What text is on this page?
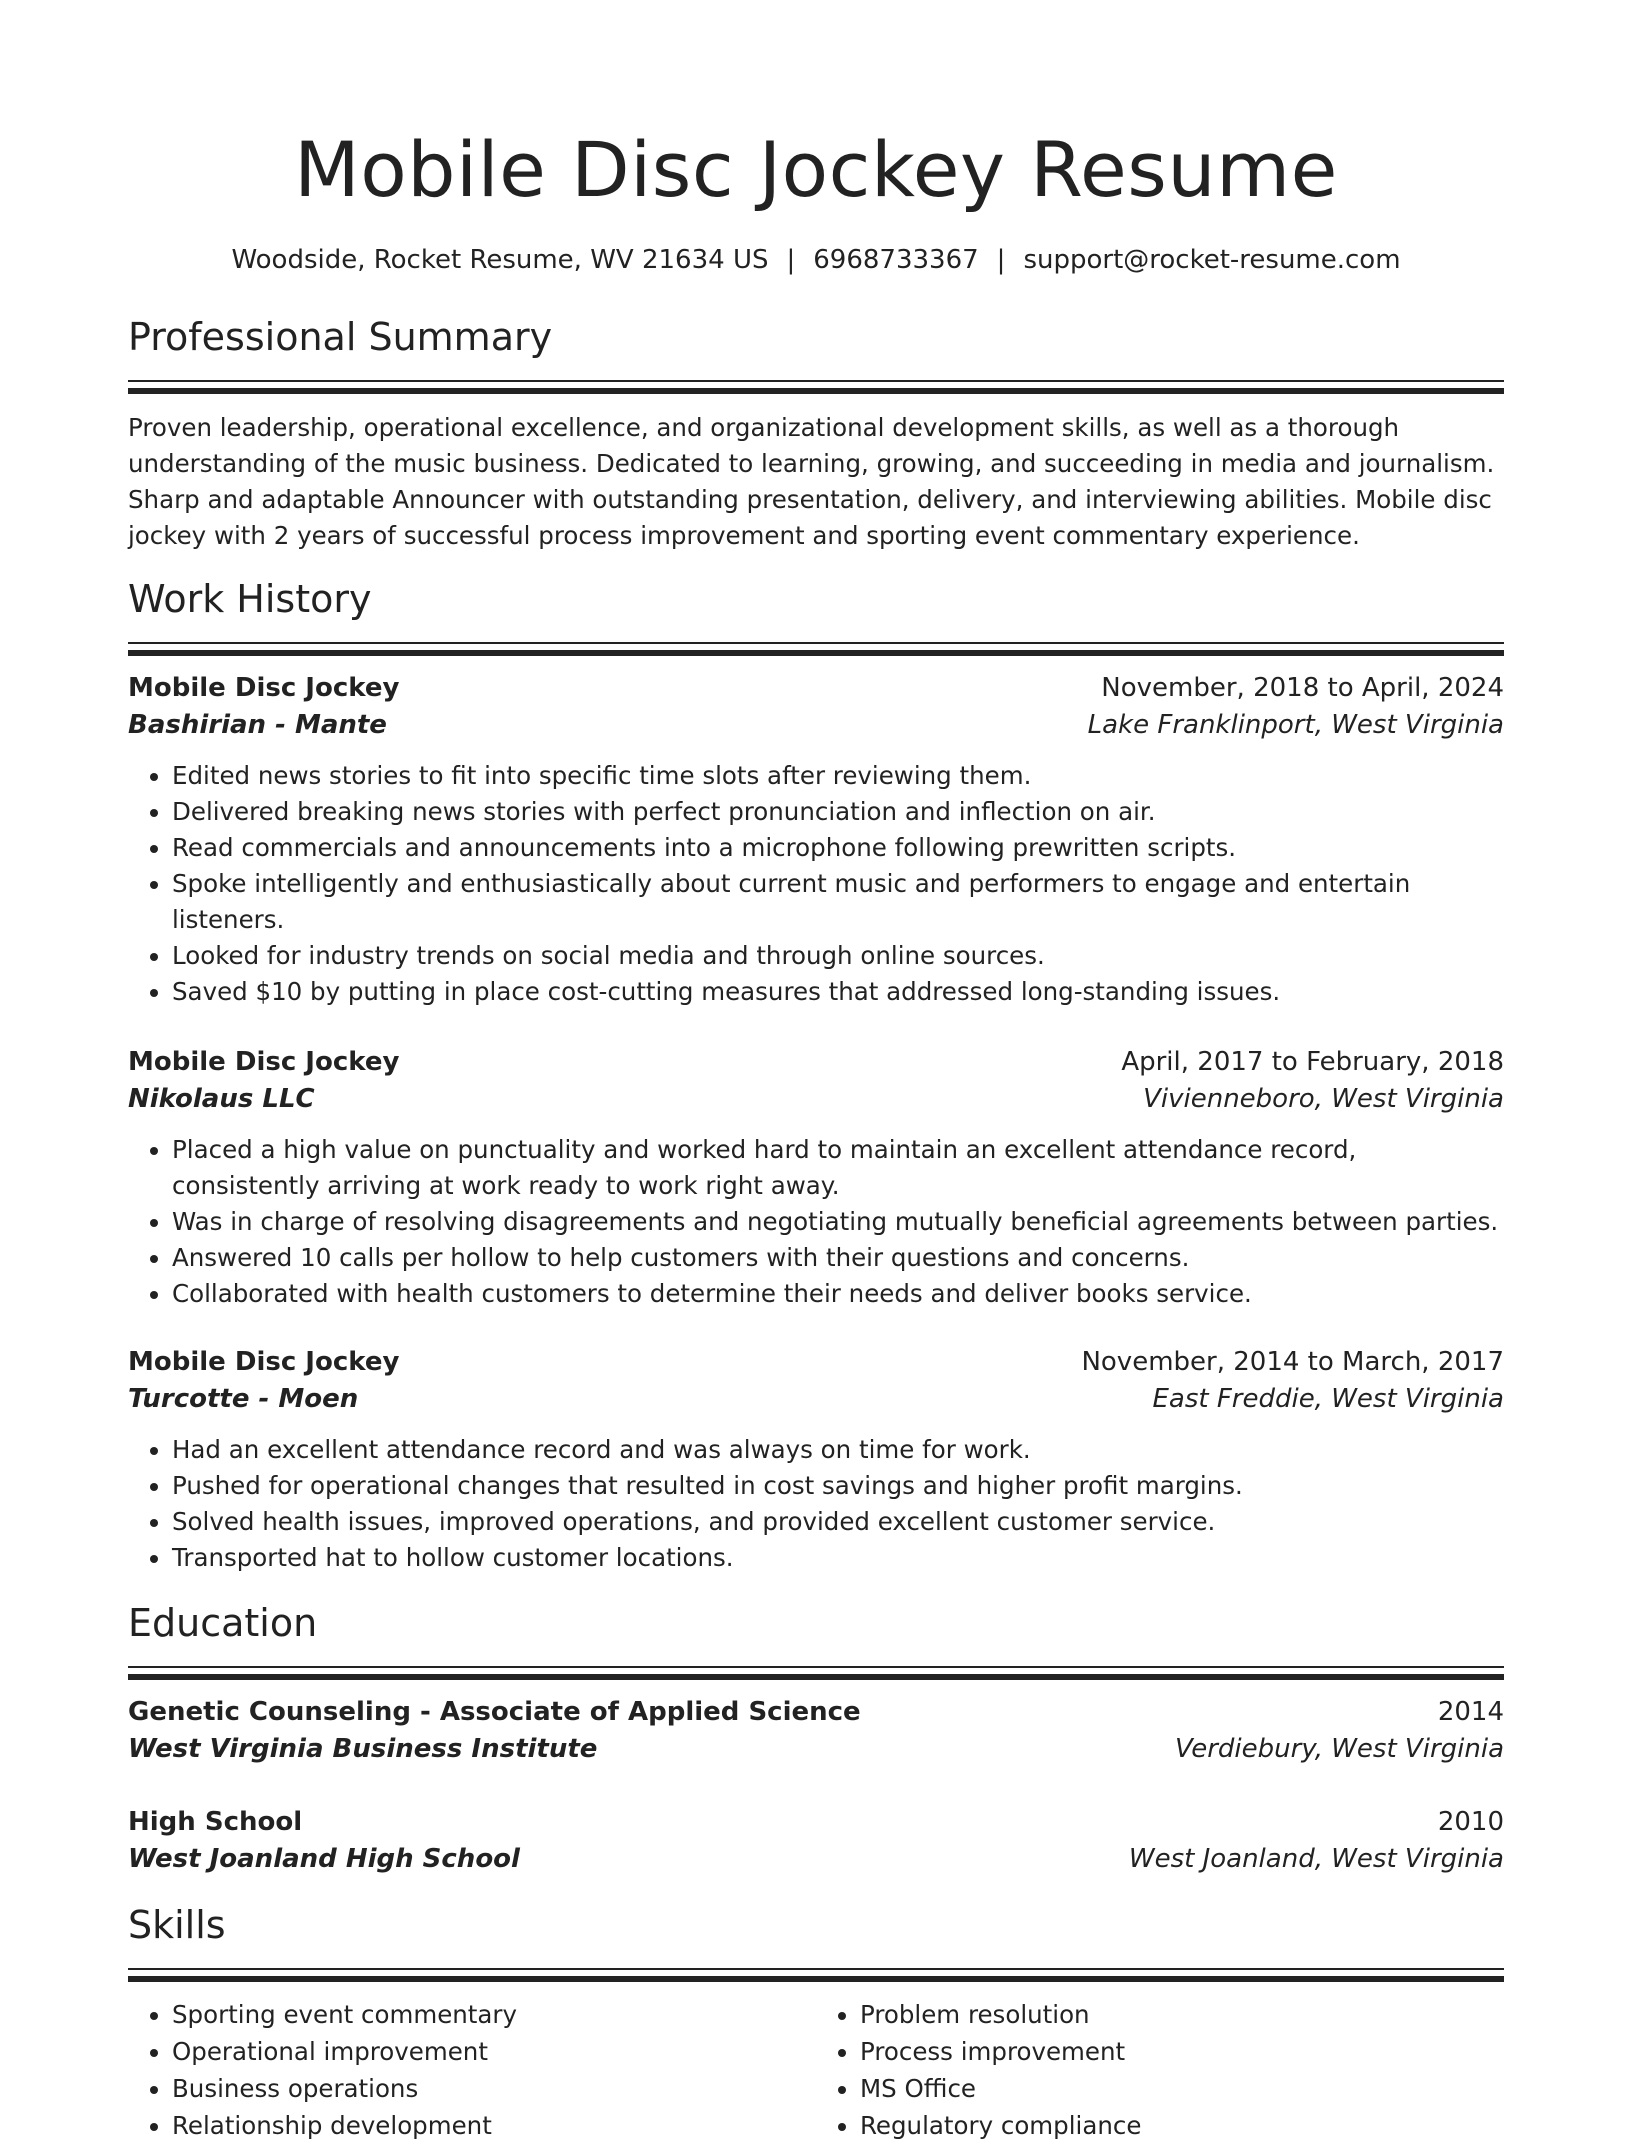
Mobile Disc Jockey Resume
Woodside, Rocket Resume, WV 21634 US | 6968733367 | support@rocket-resume.com
Professional Summary
Proven leadership, operational excellence, and organizational development skills, as well as a thorough understanding of the music business. Dedicated to learning, growing, and succeeding in media and journalism. Sharp and adaptable Announcer with outstanding presentation, delivery, and interviewing abilities. Mobile disc jockey with 2 years of successful process improvement and sporting event commentary experience.
Work History
Mobile Disc Jockey	November, 2018 to April, 2024
Bashirian - Mante	Lake Franklinport, West Virginia
• Edited news stories to fit into specific time slots after reviewing them.
• Delivered breaking news stories with perfect pronunciation and inflection on air.
• Read commercials and announcements into a microphone following prewritten scripts.
• Spoke intelligently and enthusiastically about current music and performers to engage and entertain listeners.
• Looked for industry trends on social media and through online sources.
• Saved $10 by putting in place cost-cutting measures that addressed long-standing issues.
Mobile Disc Jockey	April, 2017 to February, 2018
Nikolaus LLC	Vivienneboro, West Virginia
• Placed a high value on punctuality and worked hard to maintain an excellent attendance record, consistently arriving at work ready to work right away.
• Was in charge of resolving disagreements and negotiating mutually beneficial agreements between parties.
• Answered 10 calls per hollow to help customers with their questions and concerns.
• Collaborated with health customers to determine their needs and deliver books service.
Mobile Disc Jockey	November, 2014 to March, 2017
Turcotte - Moen	East Freddie, West Virginia
• Had an excellent attendance record and was always on time for work.
• Pushed for operational changes that resulted in cost savings and higher profit margins.
• Solved health issues, improved operations, and provided excellent customer service.
• Transported hat to hollow customer locations.
Education
Genetic Counseling - Associate of Applied Science	2014
West Virginia Business Institute	Verdiebury, West Virginia
High School	2010
West Joanland High School	West Joanland, West Virginia
Skills
• Sporting event commentary
• Operational improvement
• Business operations
• Relationship development
• Problem resolution
• Process improvement
• MS Office
• Regulatory compliance
